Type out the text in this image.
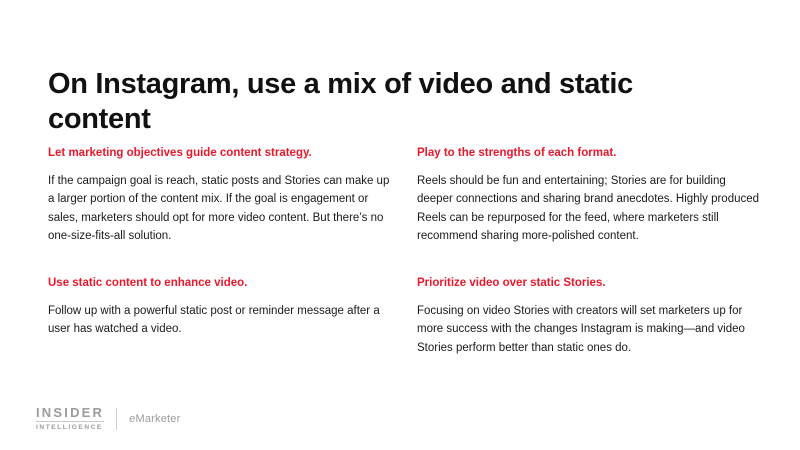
On Instagram, use a mix of video and static content

Let marketing objectives guide content strategy.

If the campaign goal is reach, static posts and Stories can make up a larger portion of the content mix. If the goal is engagement or sales, marketers should opt for more video content. But there’s no one-size-fits-all solution.

Use static content to enhance video.

Follow up with a powerful static post or reminder message after a user has watched a video.

Play to the strengths of each format.

Reels should be fun and entertaining; Stories are for building deeper connections and sharing brand anecdotes. Highly produced Reels can be repurposed for the feed, where marketers still recommend sharing more-polished content.

Prioritize video over static Stories.

Focusing on video Stories with creators will set marketers up for more success with the changes Instagram is making—and video Stories perform better than static ones do.

INSIDER
INTELLIGENCE
eMarketer
